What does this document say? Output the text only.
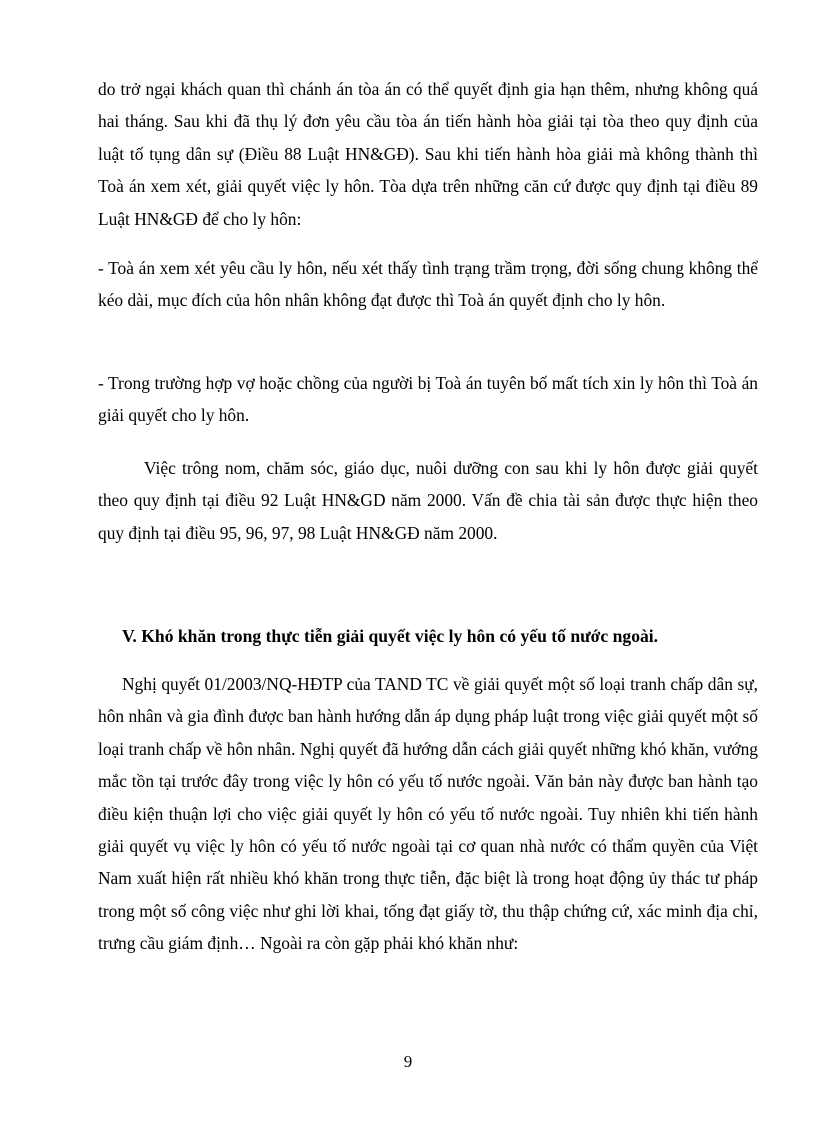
do trở ngại khách quan thì chánh án tòa án có thể quyết định gia hạn thêm, nhưng không quá hai tháng. Sau khi đã thụ lý đơn yêu cầu tòa án tiến hành hòa giải tại tòa theo quy định của luật tố tụng dân sự (Điều 88 Luật HN&GĐ). Sau khi tiến hành hòa giải mà không thành thì Toà án xem xét, giải quyết việc ly hôn. Tòa dựa trên những căn cứ được quy định tại điều 89 Luật HN&GĐ để cho ly hôn:

- Toà án xem xét yêu cầu ly hôn, nếu xét thấy tình trạng trầm trọng, đời sống chung không thể kéo dài, mục đích của hôn nhân không đạt được thì Toà án quyết định cho ly hôn.

- Trong trường hợp vợ hoặc chồng của người bị Toà án tuyên bố mất tích xin ly hôn thì Toà án giải quyết cho ly hôn.

Việc trông nom, chăm sóc, giáo dục, nuôi dưỡng con sau khi ly hôn được giải quyết theo quy định tại điều 92 Luật HN&GD năm 2000. Vấn đề chia tài sản được thực hiện theo quy định tại điều 95, 96, 97, 98 Luật HN&GĐ năm 2000.

V. Khó khăn trong thực tiễn giải quyết việc ly hôn có yếu tố nước ngoài.

Nghị quyết 01/2003/NQ-HĐTP của TAND TC về giải quyết một số loại tranh chấp dân sự, hôn nhân và gia đình được ban hành hướng dẫn áp dụng pháp luật trong việc giải quyết một số loại tranh chấp về hôn nhân. Nghị quyết đã hướng dẫn cách giải quyết những khó khăn, vướng mắc tồn tại trước đây trong việc ly hôn có yếu tố nước ngoài. Văn bản này được ban hành tạo điều kiện thuận lợi cho việc giải quyết ly hôn có yếu tố nước ngoài. Tuy nhiên khi tiến hành giải quyết vụ việc ly hôn có yếu tố nước ngoài tại cơ quan nhà nước có thẩm quyền của Việt Nam xuất hiện rất nhiều khó khăn trong thực tiễn, đặc biệt là trong hoạt động ủy thác tư pháp trong một số công việc như ghi lời khai, tống đạt giấy tờ, thu thập chứng cứ, xác minh địa chỉ, trưng cầu giám định… Ngoài ra còn gặp phải khó khăn như:

9
